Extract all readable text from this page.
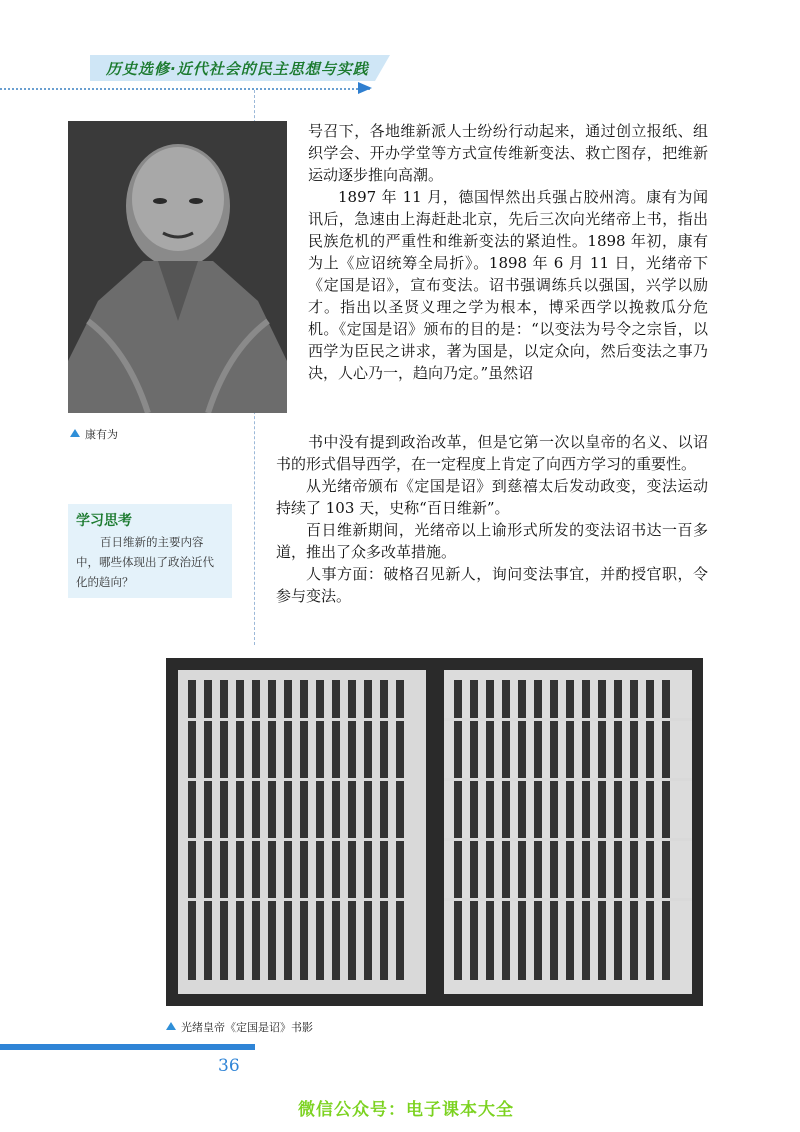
历史选修·近代社会的民主思想与实践
康有为
学习思考
百日维新的主要内容中，哪些体现出了政治近代化的趋向？

号召下，各地维新派人士纷纷行动起来，通过创立报纸、组织学会、开办学堂等方式宣传维新变法、救亡图存，把维新运动逐步推向高潮。

1897 年 11 月，德国悍然出兵强占胶州湾。康有为闻讯后，急速由上海赶赴北京，先后三次向光绪帝上书，指出民族危机的严重性和维新变法的紧迫性。1898 年初，康有为上《应诏统筹全局折》。1898 年 6 月 11 日，光绪帝下《定国是诏》，宣布变法。诏书强调练兵以强国，兴学以励才。指出以圣贤义理之学为根本，博采西学以挽救瓜分危机。《定国是诏》颁布的目的是：“以变法为号令之宗旨，以西学为臣民之讲求，著为国是，以定众向，然后变法之事乃决，人心乃一，趋向乃定。”虽然诏

书中没有提到政治改革，但是它第一次以皇帝的名义、以诏书的形式倡导西学，在一定程度上肯定了向西方学习的重要性。

从光绪帝颁布《定国是诏》到慈禧太后发动政变，变法运动持续了 103 天，史称“百日维新”。

百日维新期间，光绪帝以上谕形式所发的变法诏书达一百多道，推出了众多改革措施。

人事方面：破格召见新人，询问变法事宜，并酌授官职，令参与变法。

光绪皇帝《定国是诏》书影
36
微信公众号：电子课本大全
